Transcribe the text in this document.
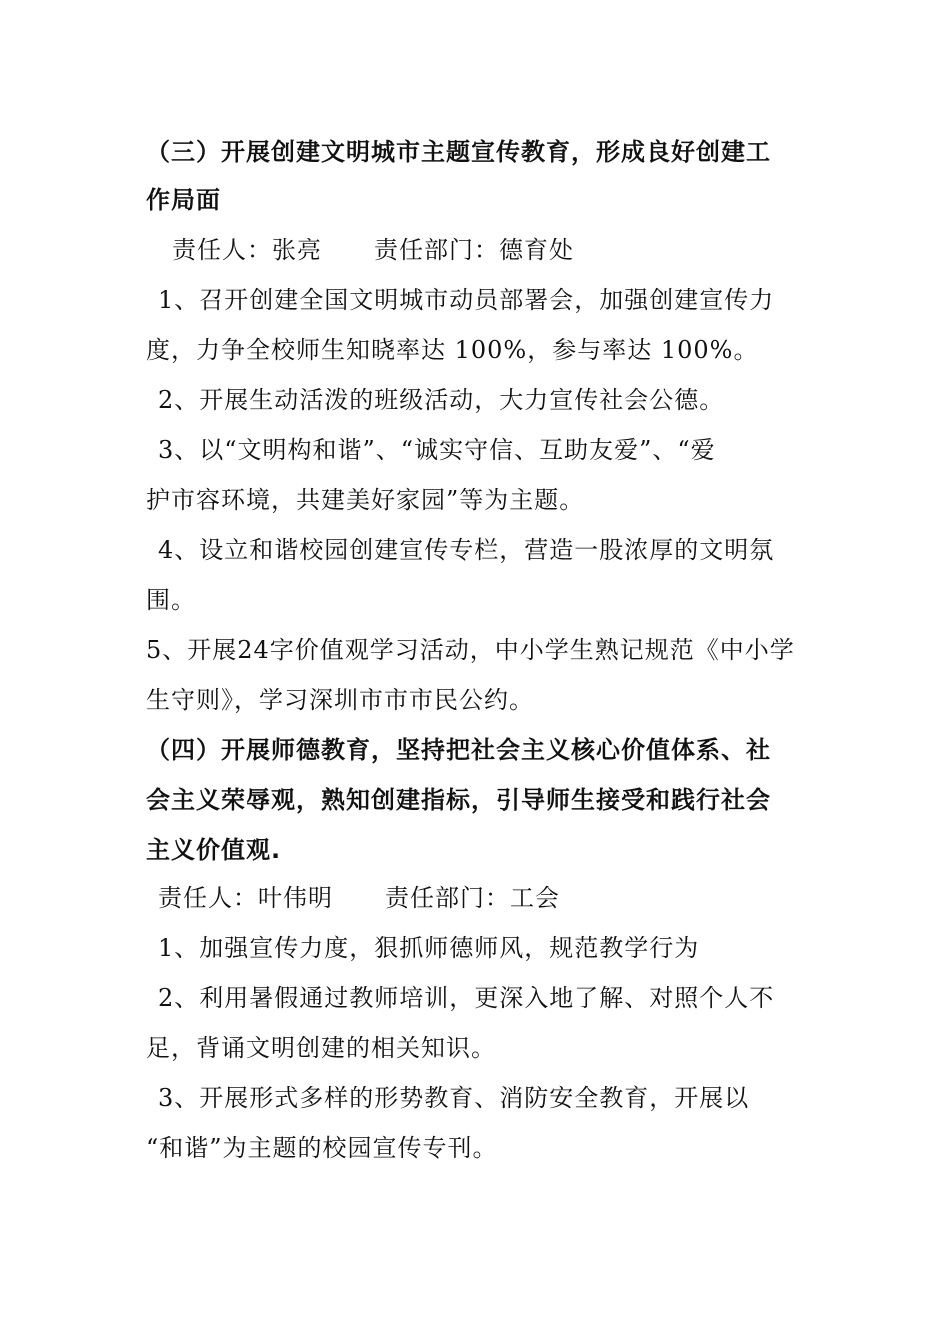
（三）开展创建文明城市主题宣传教育，形成良好创建工

作局面

责任人：张亮 责任部门：德育处

1、召开创建全国文明城市动员部署会，加强创建宣传力

度，力争全校师生知晓率达 100%，参与率达 100%。

2、开展生动活泼的班级活动，大力宣传社会公德。

3、以“文明构和谐”、“诚实守信、互助友爱”、“爱

护市容环境，共建美好家园”等为主题。

4、设立和谐校园创建宣传专栏，营造一股浓厚的文明氛

围。

5、开展24字价值观学习活动，中小学生熟记规范《中小学

生守则》，学习深圳市市市民公约。

（四）开展师德教育，坚持把社会主义核心价值体系、社

会主义荣辱观，熟知创建指标，引导师生接受和践行社会

主义价值观.

责任人：叶伟明 责任部门：工会

1、加强宣传力度，狠抓师德师风，规范教学行为

2、利用暑假通过教师培训，更深入地了解、对照个人不

足，背诵文明创建的相关知识。

3、开展形式多样的形势教育、消防安全教育，开展以

“和谐”为主题的校园宣传专刊。
